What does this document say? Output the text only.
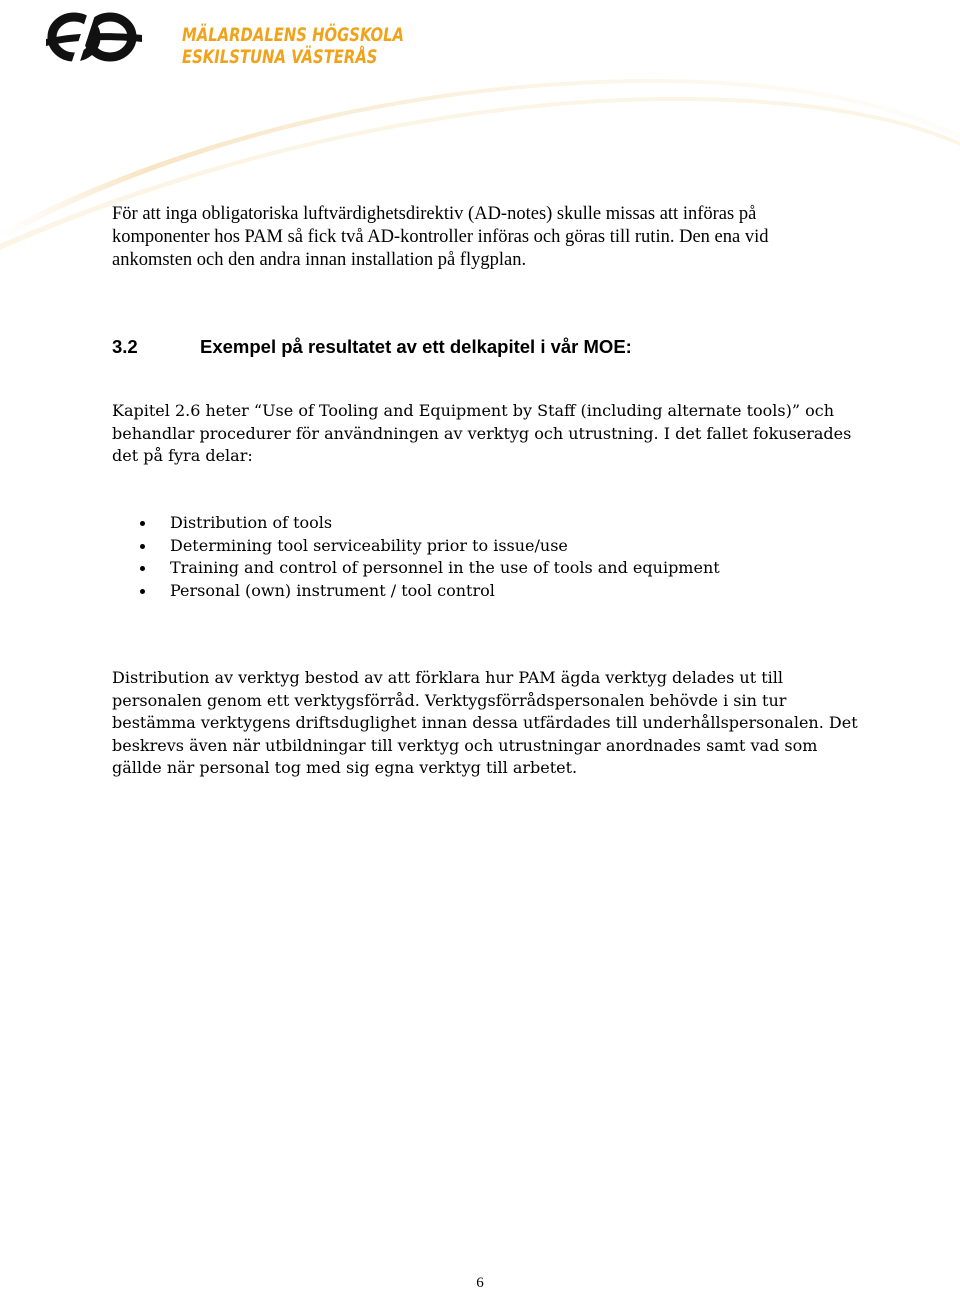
MÄLARDALENS HÖGSKOLA
ESKILSTUNA VÄSTERÅS
För att inga obligatoriska luftvärdighetsdirektiv (AD-notes) skulle missas att införas på komponenter hos PAM så fick två AD-kontroller införas och göras till rutin. Den ena vid ankomsten och den andra innan installation på flygplan.
3.2	Exempel på resultatet av ett delkapitel i vår MOE:
Kapitel 2.6 heter “Use of Tooling and Equipment by Staff (including alternate tools)” och behandlar procedurer för användningen av verktyg och utrustning. I det fallet fokuserades det på fyra delar:
Distribution of tools
Determining tool serviceability prior to issue/use
Training and control of personnel in the use of tools and equipment
Personal (own) instrument / tool control
Distribution av verktyg bestod av att förklara hur PAM ägda verktyg delades ut till personalen genom ett verktygsförråd. Verktygsförrådspersonalen behövde i sin tur bestämma verktygens driftsduglighet innan dessa utfärdades till underhållspersonalen. Det beskrevs även när utbildningar till verktyg och utrustningar anordnades samt vad som gällde när personal tog med sig egna verktyg till arbetet.
6
